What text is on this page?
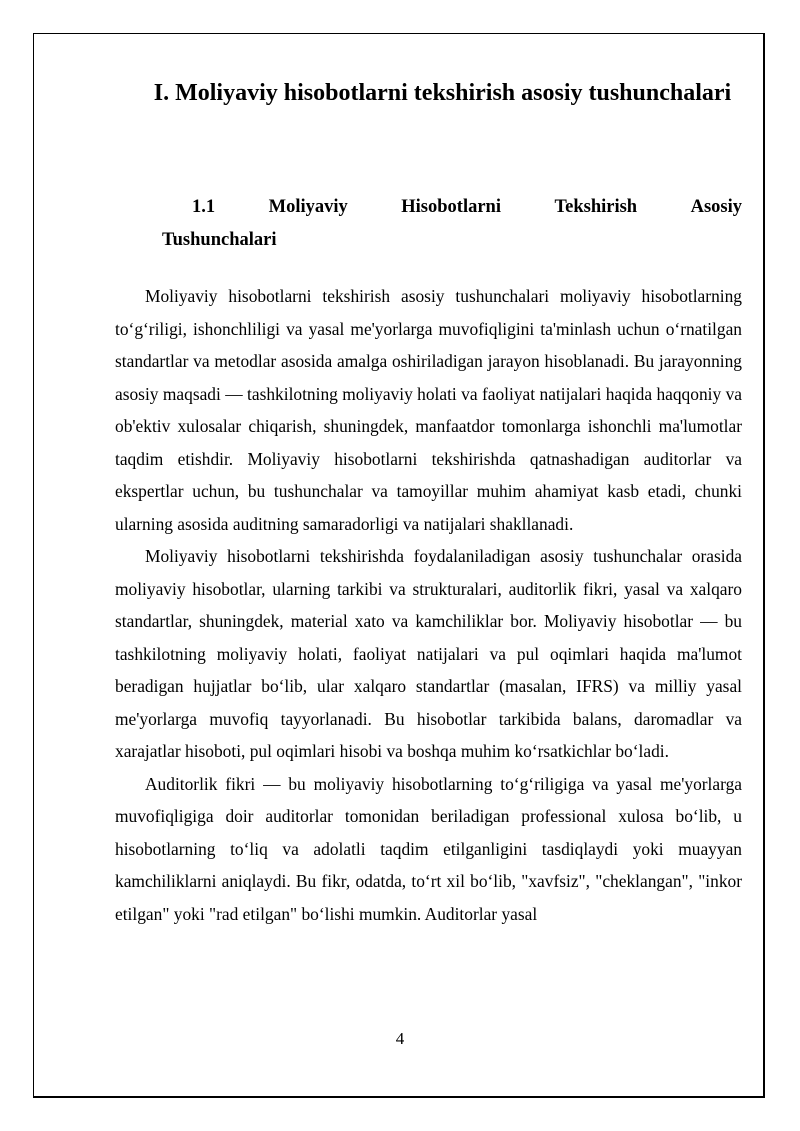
I. Moliyaviy hisobotlarni tekshirish asosiy tushunchalari
1.1	Moliyaviy	Hisobotlarni	Tekshirish	Asosiy
Tushunchalari

Moliyaviy hisobotlarni tekshirish asosiy tushunchalari moliyaviy hisobotlarning to‘g‘riligi, ishonchliligi va yasal me'yorlarga muvofiqligini ta'minlash uchun o‘rnatilgan standartlar va metodlar asosida amalga oshiriladigan jarayon hisoblanadi. Bu jarayonning asosiy maqsadi — tashkilotning moliyaviy holati va faoliyat natijalari haqida haqqoniy va ob'ektiv xulosalar chiqarish, shuningdek, manfaatdor tomonlarga ishonchli ma'lumotlar taqdim etishdir. Moliyaviy hisobotlarni tekshirishda qatnashadigan auditorlar va ekspertlar uchun, bu tushunchalar va tamoyillar muhim ahamiyat kasb etadi, chunki ularning asosida auditning samaradorligi va natijalari shakllanadi.

Moliyaviy hisobotlarni tekshirishda foydalaniladigan asosiy tushunchalar orasida moliyaviy hisobotlar, ularning tarkibi va strukturalari, auditorlik fikri, yasal va xalqaro standartlar, shuningdek, material xato va kamchiliklar bor. Moliyaviy hisobotlar — bu tashkilotning moliyaviy holati, faoliyat natijalari va pul oqimlari haqida ma'lumot beradigan hujjatlar bo‘lib, ular xalqaro standartlar (masalan, IFRS) va milliy yasal me'yorlarga muvofiq tayyorlanadi. Bu hisobotlar tarkibida balans, daromadlar va xarajatlar hisoboti, pul oqimlari hisobi va boshqa muhim ko‘rsatkichlar bo‘ladi.

Auditorlik fikri — bu moliyaviy hisobotlarning to‘g‘riligiga va yasal me'yorlarga muvofiqligiga doir auditorlar tomonidan beriladigan professional xulosa bo‘lib, u hisobotlarning to‘liq va adolatli taqdim etilganligini tasdiqlaydi yoki muayyan kamchiliklarni aniqlaydi. Bu fikr, odatda, to‘rt xil bo‘lib, "xavfsiz", "cheklangan", "inkor etilgan" yoki "rad etilgan" bo‘lishi mumkin. Auditorlar yasal

4
